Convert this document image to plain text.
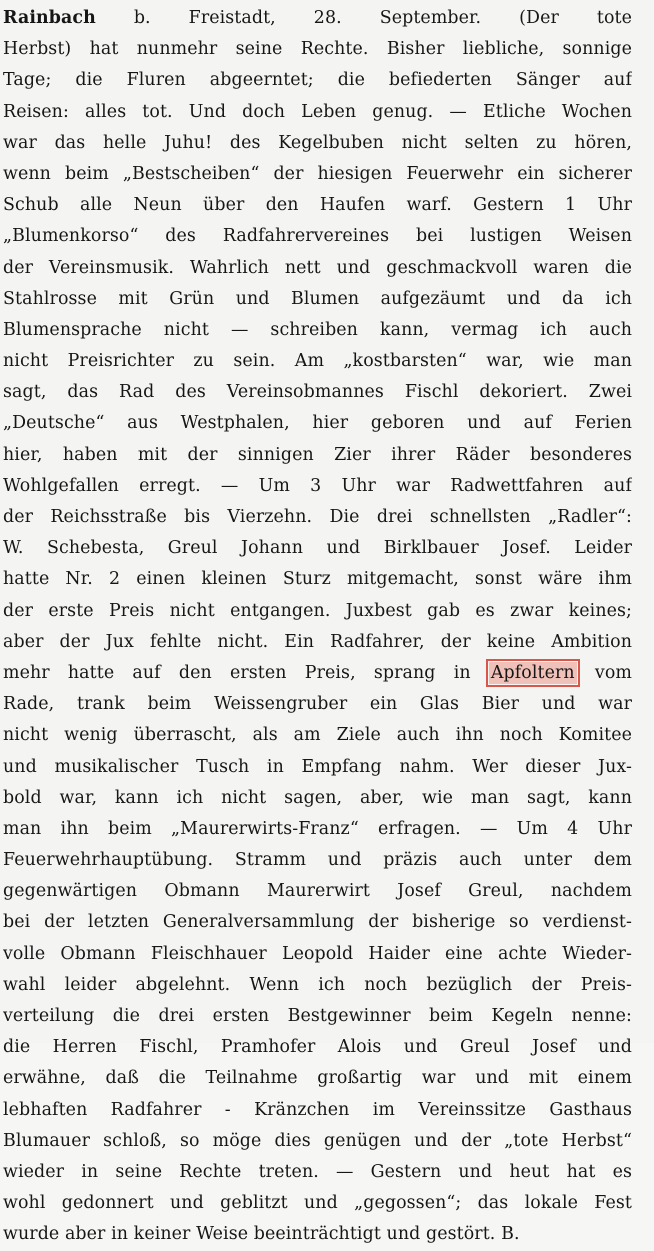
Rainbach b. Freistadt, 28. September. (Der tote
Herbst) hat nunmehr seine Rechte. Bisher liebliche, sonnige
Tage; die Fluren abgeerntet; die befiederten Sänger auf
Reisen: alles tot. Und doch Leben genug. — Etliche Wochen
war das helle Juhu! des Kegelbuben nicht selten zu hören,
wenn beim „Bestscheiben“ der hiesigen Feuerwehr ein sicherer
Schub alle Neun über den Haufen warf. Gestern 1 Uhr
„Blumenkorso“ des Radfahrervereines bei lustigen Weisen
der Vereinsmusik. Wahrlich nett und geschmackvoll waren die
Stahlrosse mit Grün und Blumen aufgezäumt und da ich
Blumensprache nicht — schreiben kann, vermag ich auch
nicht Preisrichter zu sein. Am „kostbarsten“ war, wie man
sagt, das Rad des Vereinsobmannes Fischl dekoriert. Zwei
„Deutsche“ aus Westphalen, hier geboren und auf Ferien
hier, haben mit der sinnigen Zier ihrer Räder besonderes
Wohlgefallen erregt. — Um 3 Uhr war Radwettfahren auf
der Reichsstraße bis Vierzehn. Die drei schnellsten „Radler“:
W. Schebesta, Greul Johann und Birklbauer Josef. Leider
hatte Nr. 2 einen kleinen Sturz mitgemacht, sonst wäre ihm
der erste Preis nicht entgangen. Juxbest gab es zwar keines;
aber der Jux fehlte nicht. Ein Radfahrer, der keine Ambition
mehr hatte auf den ersten Preis, sprang in Apfoltern vom
Rade, trank beim Weissengruber ein Glas Bier und war
nicht wenig überrascht, als am Ziele auch ihn noch Komitee
und musikalischer Tusch in Empfang nahm. Wer dieser Jux-
bold war, kann ich nicht sagen, aber, wie man sagt, kann
man ihn beim „Maurerwirts-Franz“ erfragen. — Um 4 Uhr
Feuerwehrhauptübung. Stramm und präzis auch unter dem
gegenwärtigen Obmann Maurerwirt Josef Greul, nachdem
bei der letzten Generalversammlung der bisherige so verdienst-
volle Obmann Fleischhauer Leopold Haider eine achte Wieder-
wahl leider abgelehnt. Wenn ich noch bezüglich der Preis-
verteilung die drei ersten Bestgewinner beim Kegeln nenne:
die Herren Fischl, Pramhofer Alois und Greul Josef und
erwähne, daß die Teilnahme großartig war und mit einem
lebhaften Radfahrer - Kränzchen im Vereinssitze Gasthaus
Blumauer schloß, so möge dies genügen und der „tote Herbst“
wieder in seine Rechte treten. — Gestern und heut hat es
wohl gedonnert und geblitzt und „gegossen“; das lokale Fest
wurde aber in keiner Weise beeinträchtigt und gestört. B.
